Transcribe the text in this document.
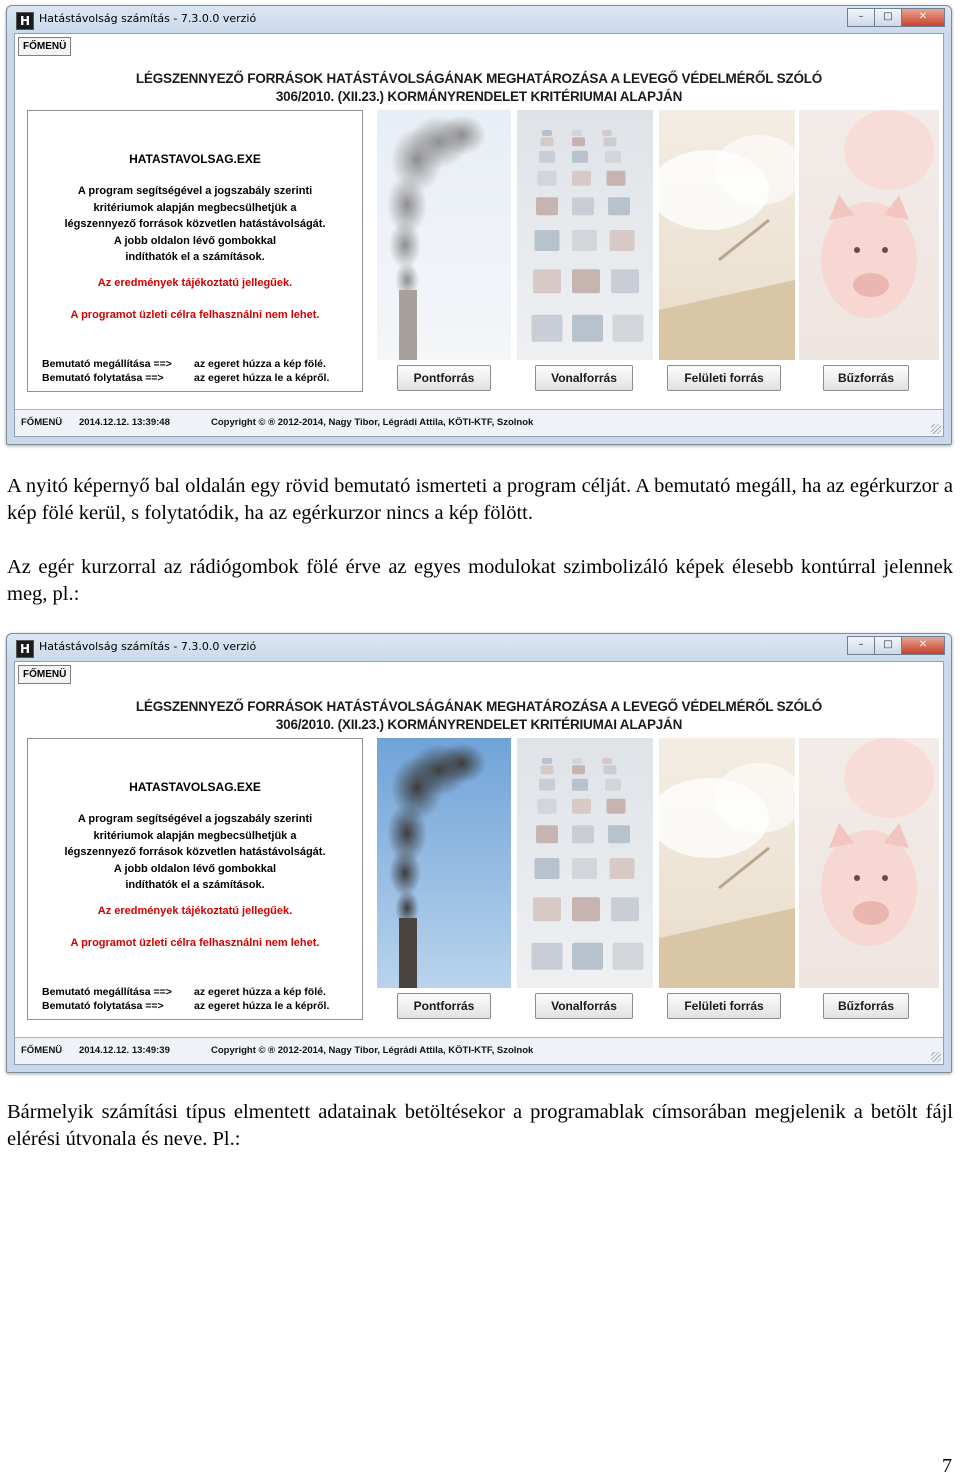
H Hatástávolság számítás - 7.3.0.0 verzió	–	□	✕
FŐMENÜ
LÉGSZENNYEZŐ FORRÁSOK HATÁSTÁVOLSÁGÁNAK MEGHATÁROZÁSA A LEVEGŐ VÉDELMÉRŐL SZÓLÓ
306/2010. (XII.23.) KORMÁNYRENDELET KRITÉRIUMAI ALAPJÁN
HATASTAVOLSAG.EXE
A program segítségével a jogszabály szerinti
kritériumok alapján megbecsülhetjük a
légszennyező források közvetlen hatástávolságát.
A jobb oldalon lévő gombokkal
indíthatók el a számítások.
Az eredmények tájékoztatú jellegűek.
A programot üzleti célra felhasználni nem lehet.
Bemutató megállítása ==> az egeret húzza a kép fölé.
Bemutató folytatása ==>	az egeret húzza le a képről.	Pontforrás	Vonalforrás	Felületi forrás	Bűzforrás
FŐMENÜ 2014.12.12. 13:39:48	Copyright © ® 2012-2014, Nagy Tibor, Légrádi Attila, KÖTI-KTF, Szolnok

A nyitó képernyő bal oldalán egy rövid bemutató ismerteti a program célját. A bemutató megáll, ha az egérkurzor a kép fölé kerül, s folytatódik, ha az egérkurzor nincs a kép fölött.

Az egér kurzorral az rádiógombok fölé érve az egyes modulokat szimbolizáló képek élesebb kontúrral jelennek meg, pl.:

H Hatástávolság számítás - 7.3.0.0 verzió	–	□	✕
FŐMENÜ
LÉGSZENNYEZŐ FORRÁSOK HATÁSTÁVOLSÁGÁNAK MEGHATÁROZÁSA A LEVEGŐ VÉDELMÉRŐL SZÓLÓ
306/2010. (XII.23.) KORMÁNYRENDELET KRITÉRIUMAI ALAPJÁN
HATASTAVOLSAG.EXE
A program segítségével a jogszabály szerinti
kritériumok alapján megbecsülhetjük a
légszennyező források közvetlen hatástávolságát.
A jobb oldalon lévő gombokkal
indíthatók el a számítások.
Az eredmények tájékoztatú jellegűek.
A programot üzleti célra felhasználni nem lehet.
Bemutató megállítása ==> az egeret húzza a kép fölé.
Bemutató folytatása ==>	az egeret húzza le a képről.	Pontforrás	Vonalforrás	Felületi forrás	Bűzforrás
FŐMENÜ 2014.12.12. 13:49:39	Copyright © ® 2012-2014, Nagy Tibor, Légrádi Attila, KÖTI-KTF, Szolnok

Bármelyik számítási típus elmentett adatainak betöltésekor a programablak címsorában megjelenik a betölt fájl elérési útvonala és neve. Pl.:

7
